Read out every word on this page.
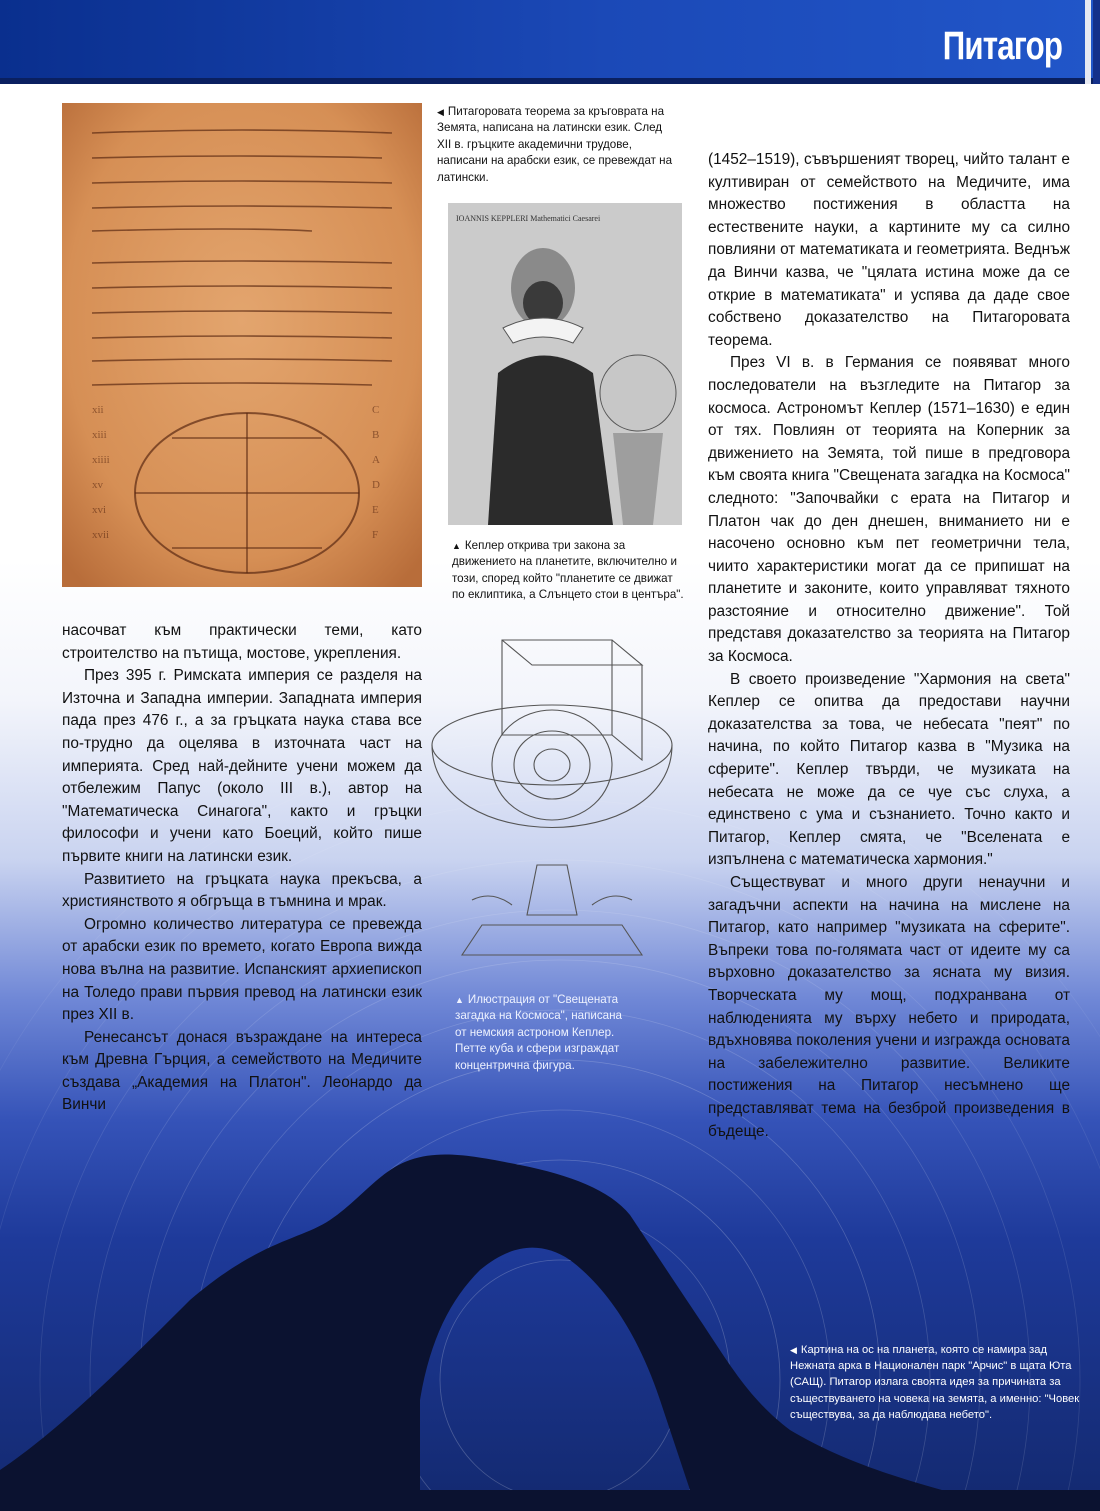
Питагор
xii
xiii
xiiii
xv
xvi
xvii
C
B
A
D
E
F
◀ Питагоровата теорема за кръговрата на Земята, написана на латински език. След XII в. гръцките академични трудове, написани на арабски език, се превеждат на латински.
IOANNIS KEPPLERI Mathematici Caesarei
▲ Кеплер открива три закона за движението на планетите, включително и този, според който "планетите се движат по еклиптика, а Слънцето стои в центъра".
▲ Илюстрация от "Свещената загадка на Космоса", написана от немския астроном Кеплер. Петте куба и сфери изграждат концентрична фигура.

насочват към практически теми, като строителство на пътища, мостове, укрепления.

През 395 г. Римската империя се разделя на Източна и Западна империи. Западната империя пада през 476 г., а за гръцката наука става все по-трудно да оцелява в източната част на империята. Сред най-дейните учени можем да отбележим Папус (около III в.), автор на "Математическа Синагога", както и гръцки философи и учени като Боеций, който пише първите книги на латински език.

Развитието на гръцката наука прекъсва, а християнството я обгръща в тъмнина и мрак.

Огромно количество литература се превежда от арабски език по времето, когато Европа вижда нова вълна на развитие. Испанският архиепископ на Толедо прави първия превод на латински език през XII в.

Ренесансът донася възраждане на интереса към Древна Гърция, а семейството на Медичите създава „Академия на Платон". Леонардо да Винчи

(1452–1519), съвършеният творец, чийто талант е култивиран от семейството на Медичите, има множество постижения в областта на естествените науки, а картините му са силно повлияни от математиката и геометрията. Веднъж да Винчи казва, че "цялата истина може да се открие в математиката" и успява да даде свое собствено доказателство на Питагоровата теорема.

През VI в. в Германия се появяват много последователи на възгледите на Питагор за космоса. Астрономът Кеплер (1571–1630) е един от тях. Повлиян от теорията на Коперник за движението на Земята, той пише в предговора към своята книга "Свещената загадка на Космоса" следното: "Започвайки с ерата на Питагор и Платон чак до ден днешен, вниманието ни е насочено основно към пет геометрични тела, чиито характеристики могат да се припишат на планетите и законите, които управляват тяхното разстояние и относително движение". Той представя доказателство за теорията на Питагор за Космоса.

В своето произведение "Хармония на света" Кеплер се опитва да предостави научни доказателства за това, че небесата "пеят" по начина, по който Питагор казва в "Музика на сферите". Кеплер твърди, че музиката на небесата не може да се чуе със слуха, а единствено с ума и съзнанието. Точно както и Питагор, Кеплер смята, че "Вселената е изпълнена с математическа хармония."

Съществуват и много други ненаучни и загадъчни аспекти на начина на мислене на Питагор, като например "музиката на сферите". Въпреки това по-голямата част от идеите му са върховно доказателство за ясната му визия. Творческата му мощ, подхранвана от наблюденията му върху небето и природата, вдъхновява поколения учени и изгражда основата на забележително развитие. Великите постижения на Питагор несъмнено ще представляват тема на безброй произведения в бъдеще.

◀ Картина на ос на планета, която се намира зад Нежната арка в Национален парк "Арчис" в щата Юта (САЩ). Питагор излага своята идея за причината за съществуването на човека на земята, а именно: "Човек съществува, за да наблюдава небето".
